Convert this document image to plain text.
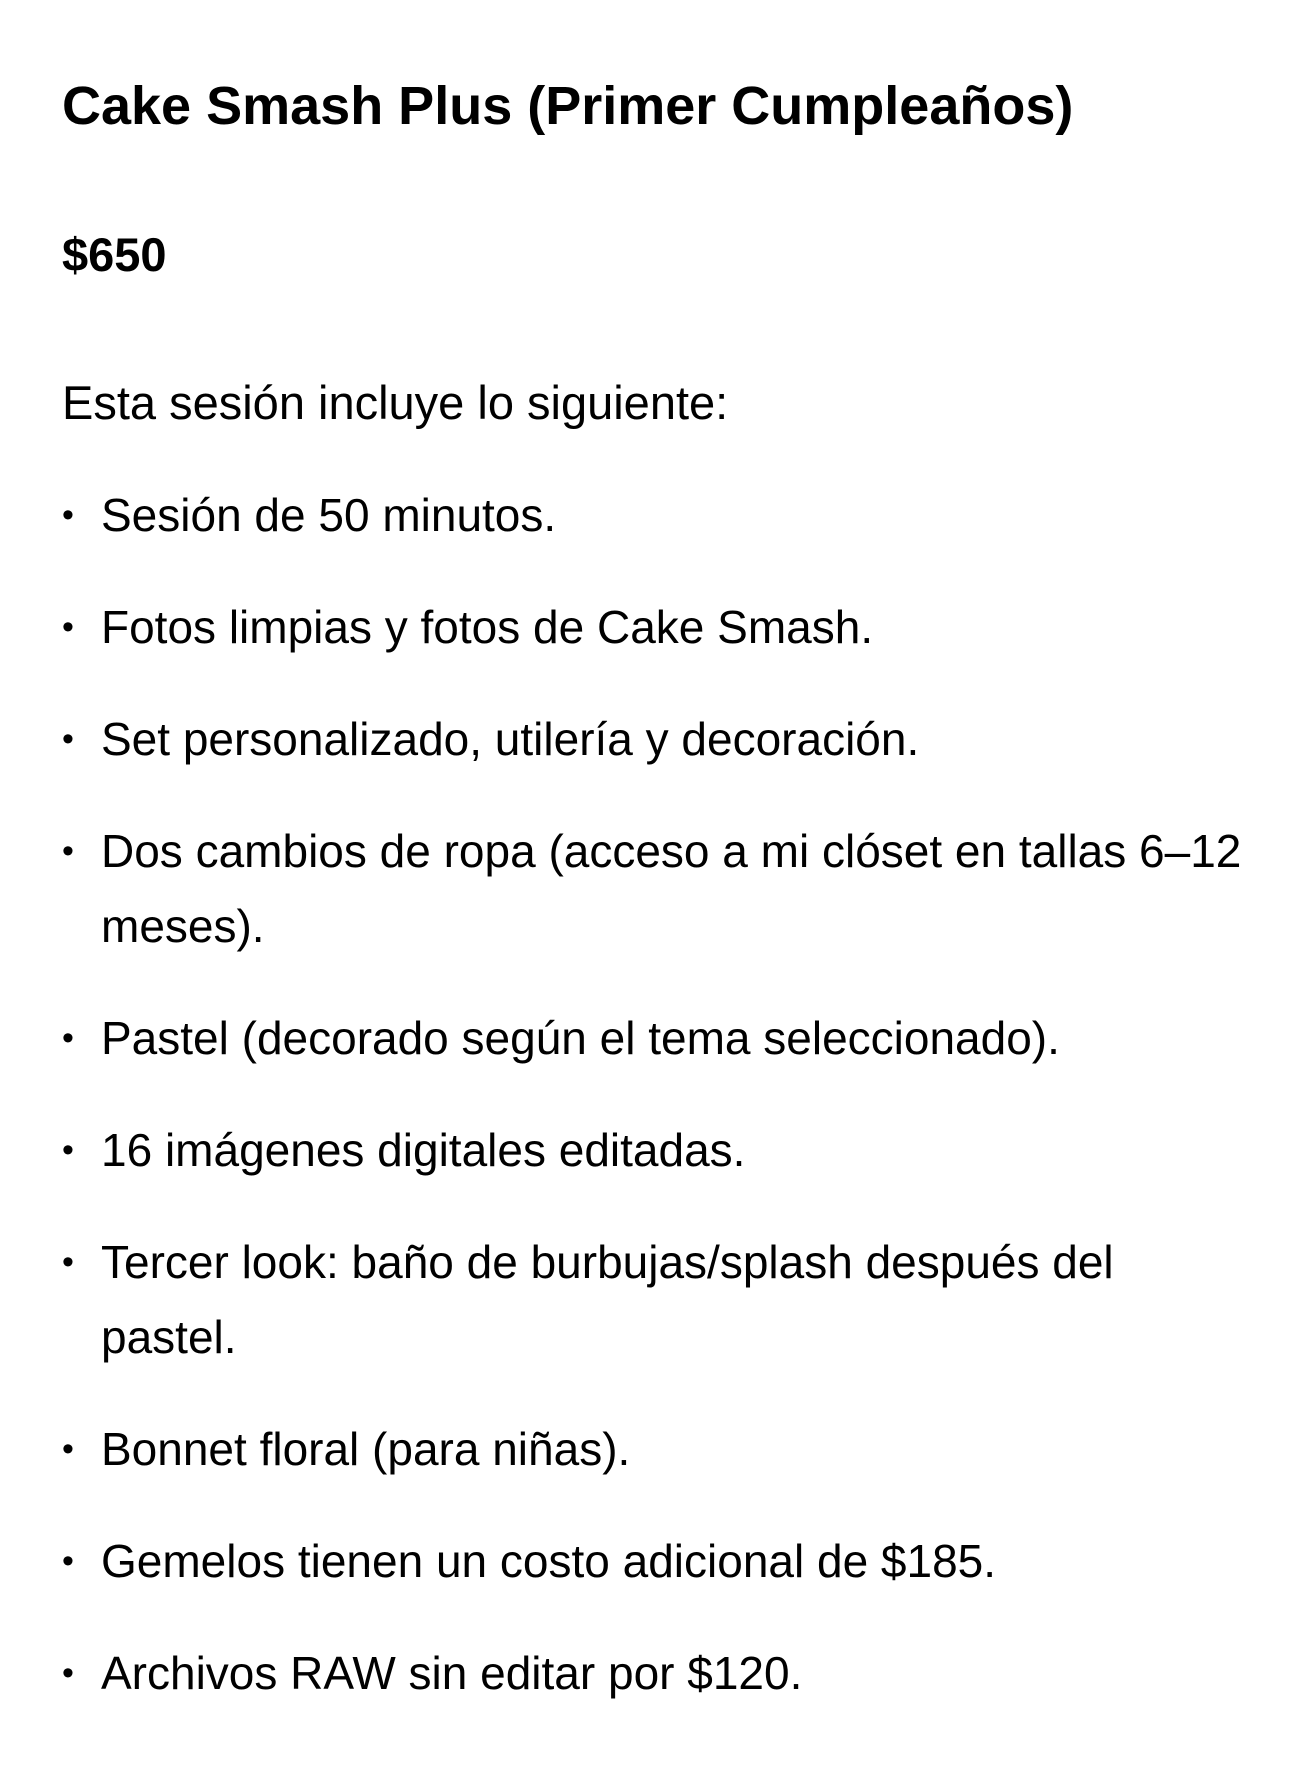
Cake Smash Plus (Primer Cumpleaños)
$650

Esta sesión incluye lo siguiente:

• Sesión de 50 minutos.
• Fotos limpias y fotos de Cake Smash.
• Set personalizado, utilería y decoración.
• Dos cambios de ropa (acceso a mi clóset en tallas 6–12 meses).
• Pastel (decorado según el tema seleccionado).
• 16 imágenes digitales editadas.
• Tercer look: baño de burbujas/splash después del pastel.
• Bonnet floral (para niñas).
• Gemelos tienen un costo adicional de $185.
• Archivos RAW sin editar por $120.
